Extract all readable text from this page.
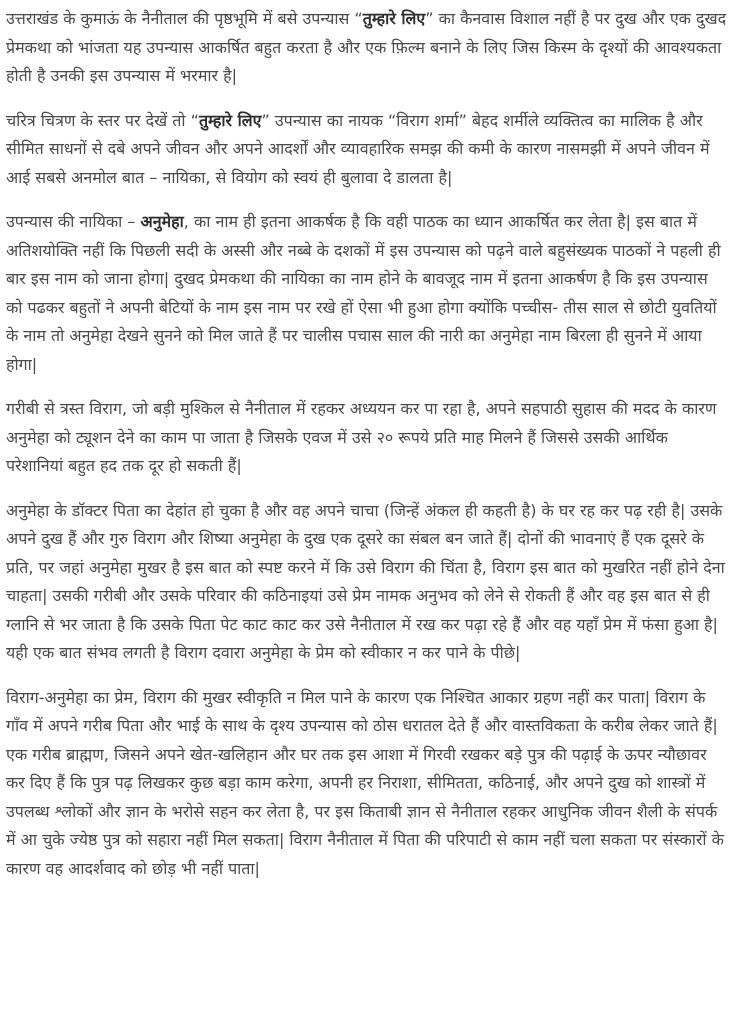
उत्तराखंड के कुमाऊं के नैनीताल की पृष्ठभूमि में बसे उपन्यास “तुम्हारे लिए” का कैनवास विशाल नहीं है पर दुख और एक दुखद प्रेमकथा को भांजता यह उपन्यास आकर्षित बहुत करता है और एक फ़िल्म बनाने के लिए जिस किस्म के दृश्यों की आवश्यकता होती है उनकी इस उपन्यास में भरमार है|

चरित्र चित्रण के स्तर पर देखें तो “तुम्हारे लिए” उपन्यास का नायक “विराग शर्मा” बेहद शर्मीले व्यक्तित्व का मालिक है और सीमित साधनों से दबे अपने जीवन और अपने आदर्शों और व्यावहारिक समझ की कमी के कारण नासमझी में अपने जीवन में आई सबसे अनमोल बात – नायिका, से वियोग को स्वयं ही बुलावा दे डालता है|

उपन्यास की नायिका – अनुमेहा, का नाम ही इतना आकर्षक है कि वही पाठक का ध्यान आकर्षित कर लेता है| इस बात में अतिशयोक्ति नहीं कि पिछली सदी के अस्सी और नब्बे के दशकों में इस उपन्यास को पढ़ने वाले बहुसंख्यक पाठकों ने पहली ही बार इस नाम को जाना होगा| दुखद प्रेमकथा की नायिका का नाम होने के बावजूद नाम में इतना आकर्षण है कि इस उपन्यास को पढकर बहुतों ने अपनी बेटियों के नाम इस नाम पर रखे हों ऐसा भी हुआ होगा क्योंकि पच्चीस- तीस साल से छोटी युवतियों के नाम तो अनुमेहा देखने सुनने को मिल जाते हैं पर चालीस पचास साल की नारी का अनुमेहा नाम बिरला ही सुनने में आया होगा|

गरीबी से त्रस्त विराग, जो बड़ी मुश्किल से नैनीताल में रहकर अध्ययन कर पा रहा है, अपने सहपाठी सुहास की मदद के कारण अनुमेहा को ट्यूशन देने का काम पा जाता है जिसके एवज में उसे २० रूपये प्रति माह मिलने हैं जिससे उसकी आर्थिक परेशानियां बहुत हद तक दूर हो सकती हैं|

अनुमेहा के डॉक्टर पिता का देहांत हो चुका है और वह अपने चाचा (जिन्हें अंकल ही कहती है) के घर रह कर पढ़ रही है| उसके अपने दुख हैं और गुरु विराग और शिष्या अनुमेहा के दुख एक दूसरे का संबल बन जाते हैं| दोनों की भावनाएं हैं एक दूसरे के प्रति, पर जहां अनुमेहा मुखर है इस बात को स्पष्ट करने में कि उसे विराग की चिंता है, विराग इस बात को मुखरित नहीं होने देना चाहता| उसकी गरीबी और उसके परिवार की कठिनाइयां उसे प्रेम नामक अनुभव को लेने से रोकती हैं और वह इस बात से ही ग्लानि से भर जाता है कि उसके पिता पेट काट काट कर उसे नैनीताल में रख कर पढ़ा रहे हैं और वह यहाँ प्रेम में फंसा हुआ है| यही एक बात संभव लगती है विराग दवारा अनुमेहा के प्रेम को स्वीकार न कर पाने के पीछे|

विराग-अनुमेहा का प्रेम, विराग की मुखर स्वीकृति न मिल पाने के कारण एक निश्चित आकार ग्रहण नहीं कर पाता| विराग के गाँव में अपने गरीब पिता और भाई के साथ के दृश्य उपन्यास को ठोस धरातल देते हैं और वास्तविकता के करीब लेकर जाते हैं| एक गरीब ब्राह्मण, जिसने अपने खेत-खलिहान और घर तक इस आशा में गिरवी रखकर बड़े पुत्र की पढ़ाई के ऊपर न्यौछावर कर दिए हैं कि पुत्र पढ़ लिखकर कुछ बड़ा काम करेगा, अपनी हर निराशा, सीमितता, कठिनाई, और अपने दुख को शास्त्रों में उपलब्ध श्लोकों और ज्ञान के भरोसे सहन कर लेता है, पर इस किताबी ज्ञान से नैनीताल रहकर आधुनिक जीवन शैली के संपर्क में आ चुके ज्येष्ठ पुत्र को सहारा नहीं मिल सकता| विराग नैनीताल में पिता की परिपाटी से काम नहीं चला सकता पर संस्कारों के कारण वह आदर्शवाद को छोड़ भी नहीं पाता|
